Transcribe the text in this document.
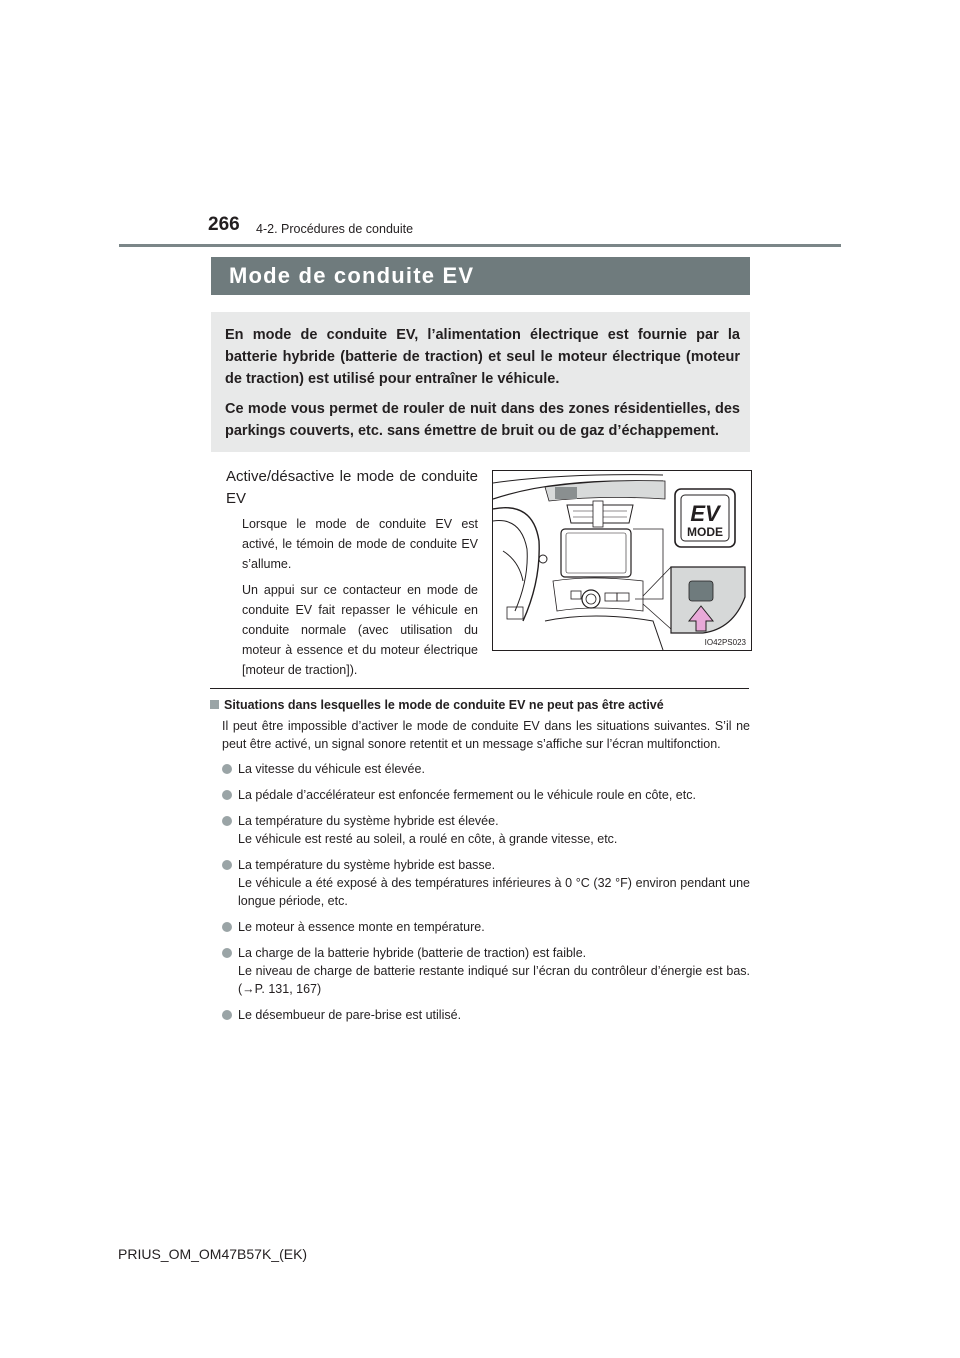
266 4-2. Procédures de conduite
Mode de conduite EV

En mode de conduite EV, l’alimentation électrique est fournie par la batterie hybride (batterie de traction) et seul le moteur électrique (moteur de traction) est utilisé pour entraîner le véhicule.

Ce mode vous permet de rouler de nuit dans des zones résidentielles, des parkings couverts, etc. sans émettre de bruit ou de gaz d’échappement.

Active/désactive le mode de conduite EV

Lorsque le mode de conduite EV est activé, le témoin de mode de conduite EV s’allume.

Un appui sur ce contacteur en mode de conduite EV fait repasser le véhicule en conduite normale (avec utilisation du moteur à essence et du moteur électrique [moteur de traction]).

EV
MODE
IO42PS023
Situations dans lesquelles le mode de conduite EV ne peut pas être activé
Il peut être impossible d’activer le mode de conduite EV dans les situations suivantes. S’il ne peut être activé, un signal sonore retentit et un message s’affiche sur l’écran multifonction.
La vitesse du véhicule est élevée.
La pédale d’accélérateur est enfoncée fermement ou le véhicule roule en côte, etc.
La température du système hybride est élevée.
Le véhicule est resté au soleil, a roulé en côte, à grande vitesse, etc.
La température du système hybride est basse.
Le véhicule a été exposé à des températures inférieures à 0 °C (32 °F) environ pendant une longue période, etc.
Le moteur à essence monte en température.
La charge de la batterie hybride (batterie de traction) est faible.
Le niveau de charge de batterie restante indiqué sur l’écran du contrôleur d’énergie est bas. (→P. 131, 167)
Le désembueur de pare-brise est utilisé.
PRIUS_OM_OM47B57K_(EK)
